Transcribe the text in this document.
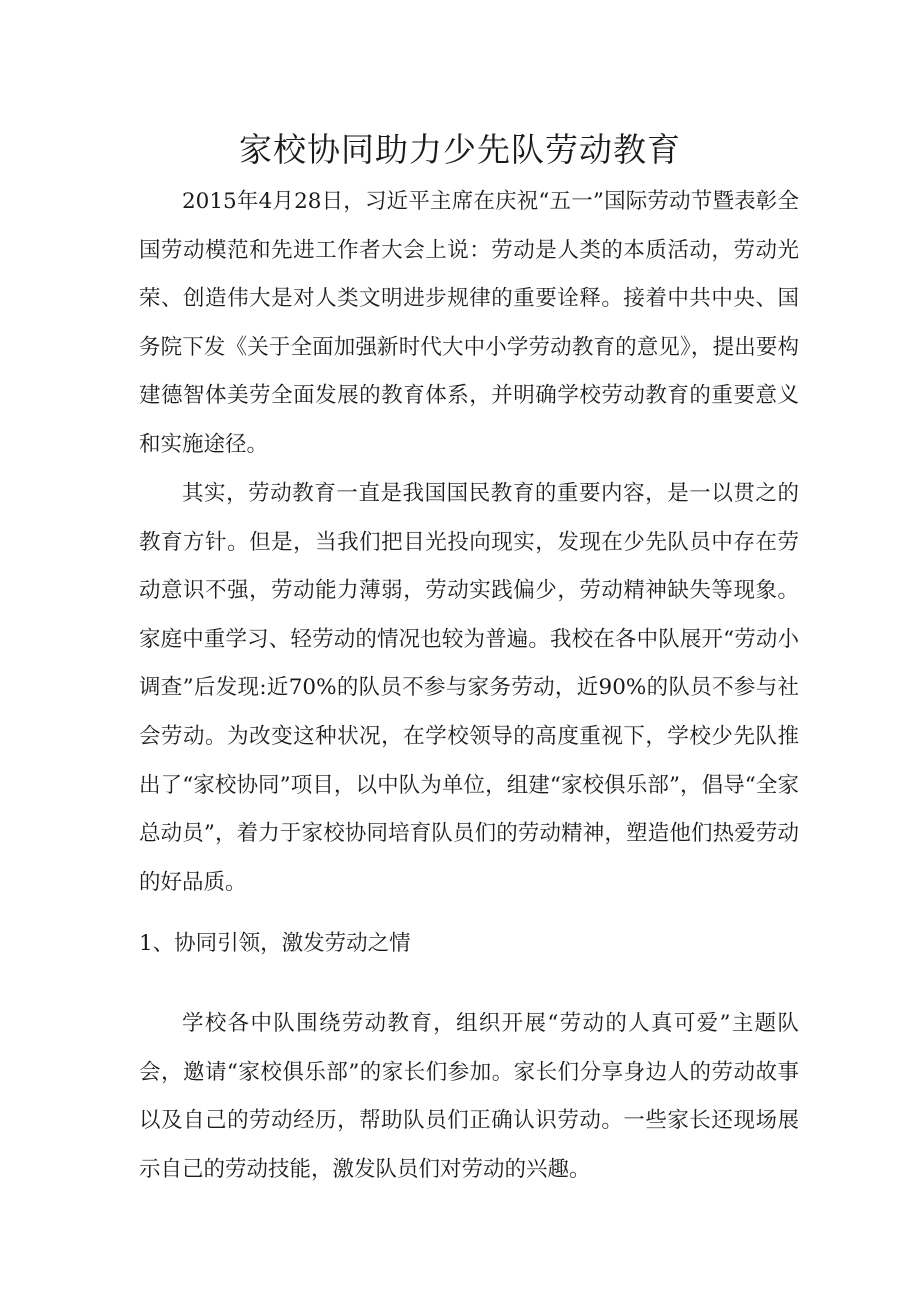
家校协同助力少先队劳动教育

2015年4月28日，习近平主席在庆祝“五一”国际劳动节暨表彰全国劳动模范和先进工作者大会上说：劳动是人类的本质活动，劳动光荣、创造伟大是对人类文明进步规律的重要诠释。接着中共中央、国务院下发《关于全面加强新时代大中小学劳动教育的意见》，提出要构建德智体美劳全面发展的教育体系，并明确学校劳动教育的重要意义和实施途径。

其实，劳动教育一直是我国国民教育的重要内容，是一以贯之的教育方针。但是，当我们把目光投向现实，发现在少先队员中存在劳动意识不强，劳动能力薄弱，劳动实践偏少，劳动精神缺失等现象。家庭中重学习、轻劳动的情况也较为普遍。我校在各中队展开“劳动小调查”后发现:近70%的队员不参与家务劳动，近90%的队员不参与社会劳动。为改变这种状况，在学校领导的高度重视下，学校少先队推出了“家校协同”项目，以中队为单位，组建“家校俱乐部”，倡导“全家总动员”，着力于家校协同培育队员们的劳动精神，塑造他们热爱劳动的好品质。

1、协同引领，激发劳动之情

学校各中队围绕劳动教育，组织开展“劳动的人真可爱”主题队会，邀请“家校俱乐部”的家长们参加。家长们分享身边人的劳动故事以及自己的劳动经历，帮助队员们正确认识劳动。一些家长还现场展示自己的劳动技能，激发队员们对劳动的兴趣。
